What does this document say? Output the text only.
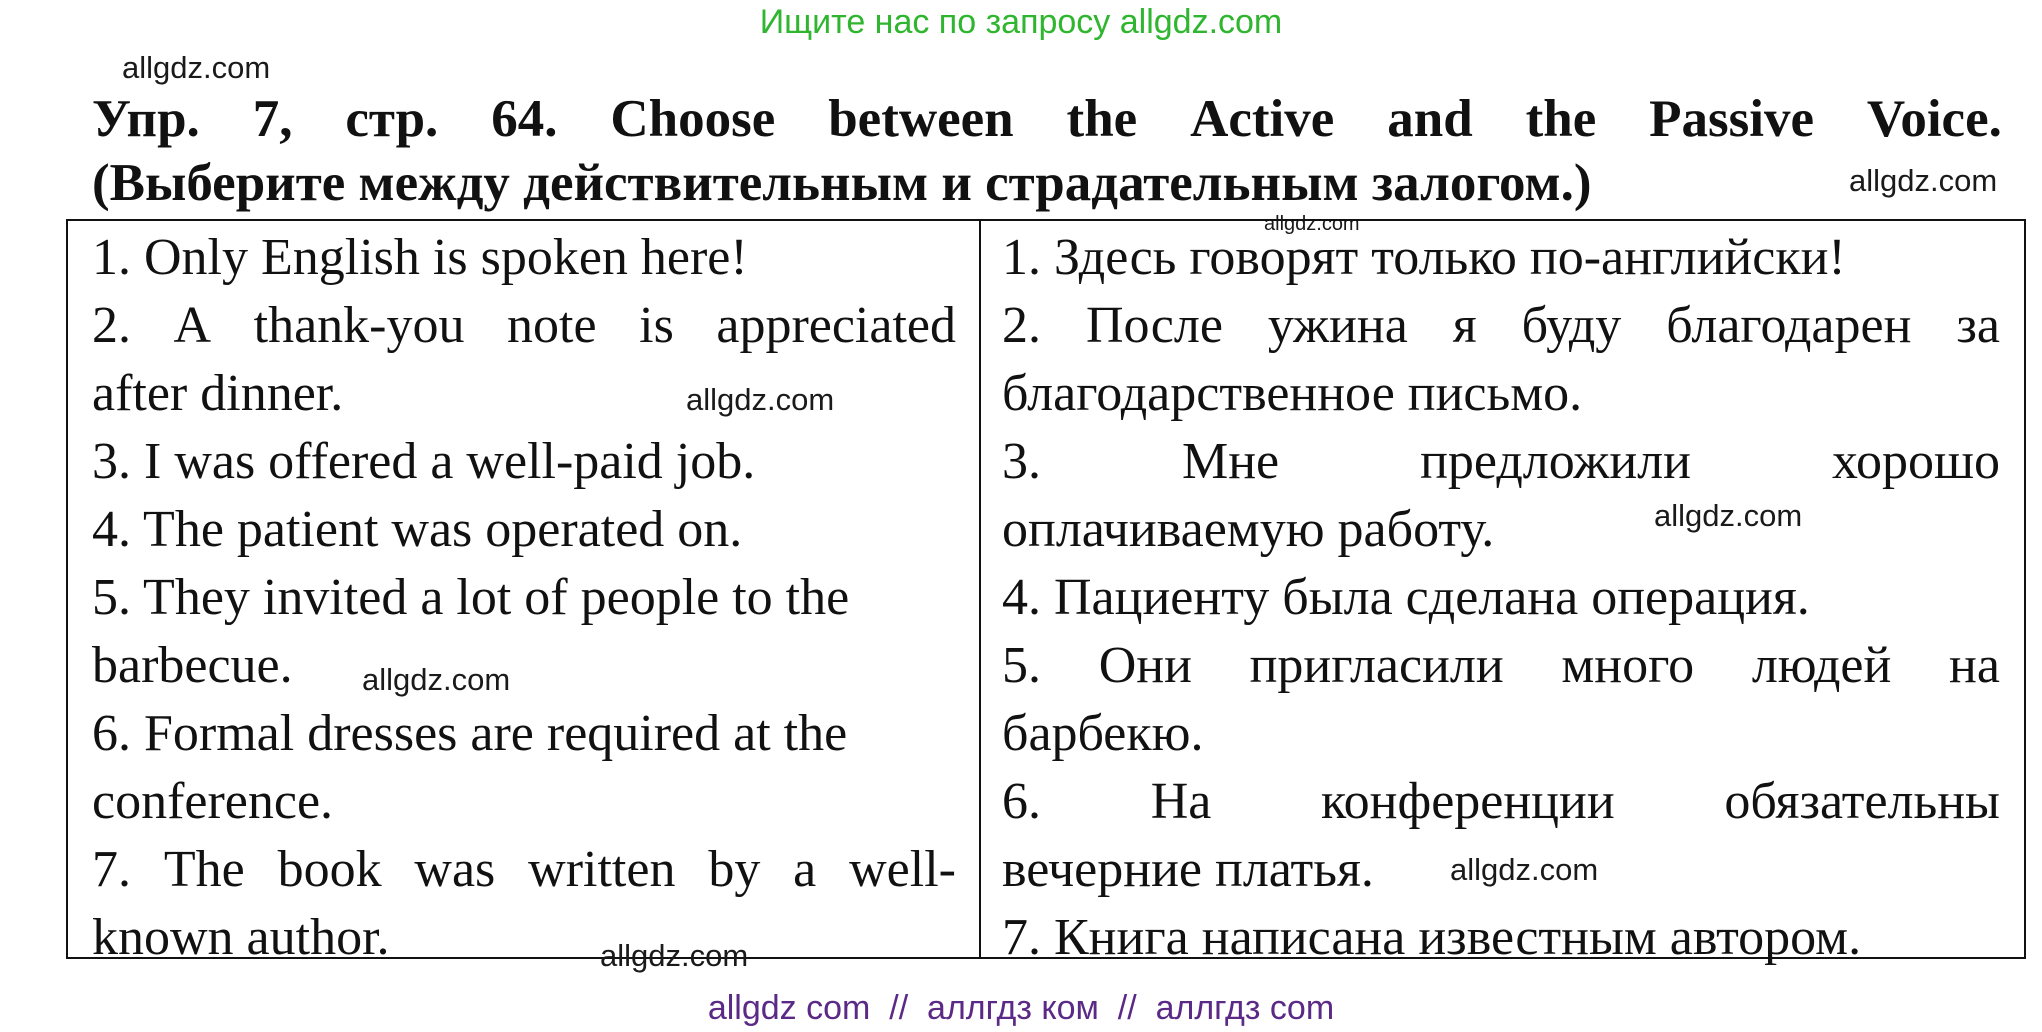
Ищите нас по запросу allgdz.com
allgdz.com
Упр. 7, стр. 64. Choose between the Active and the Passive Voice.
(Выберите между действительным и страдательным залогом.)	allgdz.com
allgdz.com
1. Only English is spoken here!
2. A thank-you note is appreciated
after dinner.
3. I was offered a well-paid job.
4. The patient was operated on.
5. They invited a lot of people to the
barbecue.
6. Formal dresses are required at the
conference.
7. The book was written by a well-
known author.
1. Здесь говорят только по-английски!
2. После ужина я буду благодарен за
благодарственное письмо.
3.	Мне	предложили	хорошо
оплачиваемую работу.
4. Пациенту была сделана операция.
5. Они пригласили много людей на
барбекю.
6. На конференции обязательны
вечерние платья.
7. Книга написана известным автором.
allgdz.com
allgdz.com
allgdz.com
allgdz.com
allgdz.com
allgdz com  //  аллгдз ком  //  аллгдз com
